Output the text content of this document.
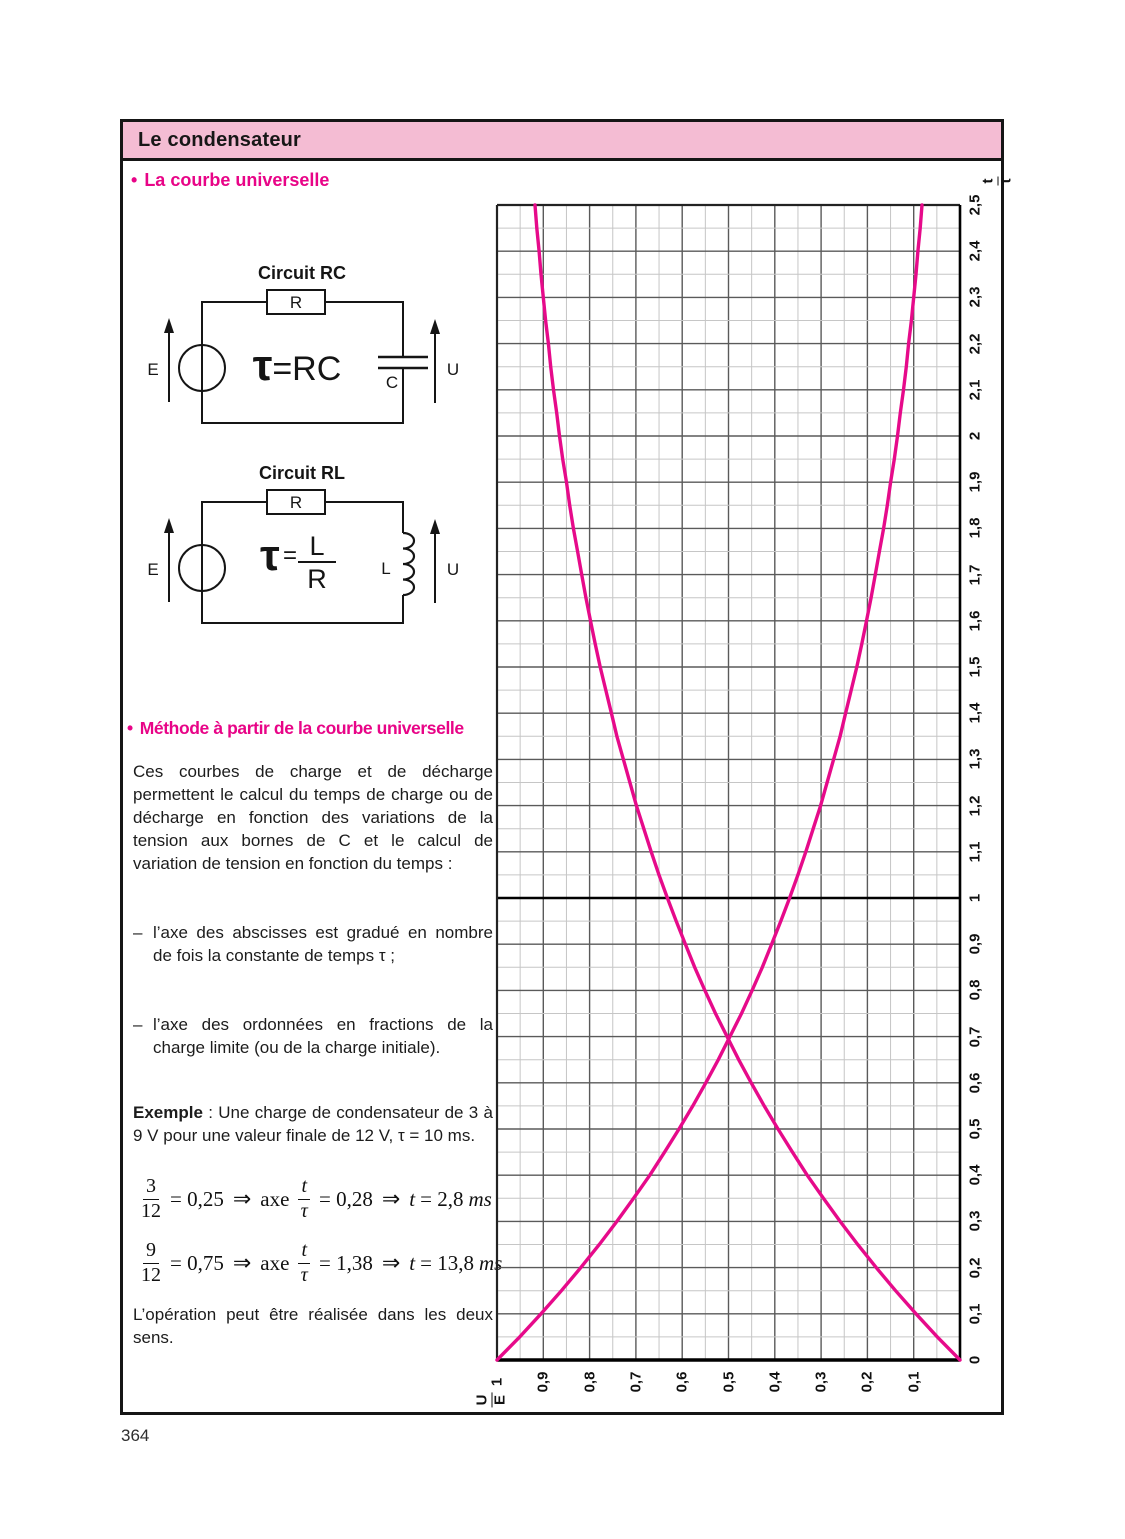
Le condensateur
• La courbe universelle
Circuit RC
R
C
E	U
τ=RC
Circuit RL
R
L
E	U
τ = L
R
• Méthode à partir de la courbe universelle
Ces courbes de charge et de décharge permettent le calcul du temps de charge ou de décharge en fonction des variations de la tension aux bornes de C et le calcul de variation de tension en fonction du temps :
– l’axe des abscisses est gradué en nombre de fois la constante de temps τ ;
– l’axe des ordonnées en fractions de la charge limite (ou de la charge initiale).
Exemple : Une charge de condensateur de 3 à 9 V pour une valeur finale de 12 V, τ = 10 ms.
$\frac{3}{12} = 0,25$ ⇒ axe $\frac{t}{\tau} = 0,28$ ⇒ t = 2,8 ms
$\frac{9}{12} = 0,75$ ⇒ axe $\frac{t}{\tau} = 1,38$ ⇒ t = 13,8 ms
L’opération peut être réalisée dans les deux sens.
0
0,1
0,2
0,3
0,4
0,5
0,6
0,7
0,8
0,9
1
1,1
1,2
1,3
1,4
1,5
1,6
1,7
1,8
1,9
2
2,1
2,2
2,3
2,4
2,5
1 0,9 0,8 0,7 0,6 0,5 0,4 0,3 0,2 0,1
t τ
U E
364
